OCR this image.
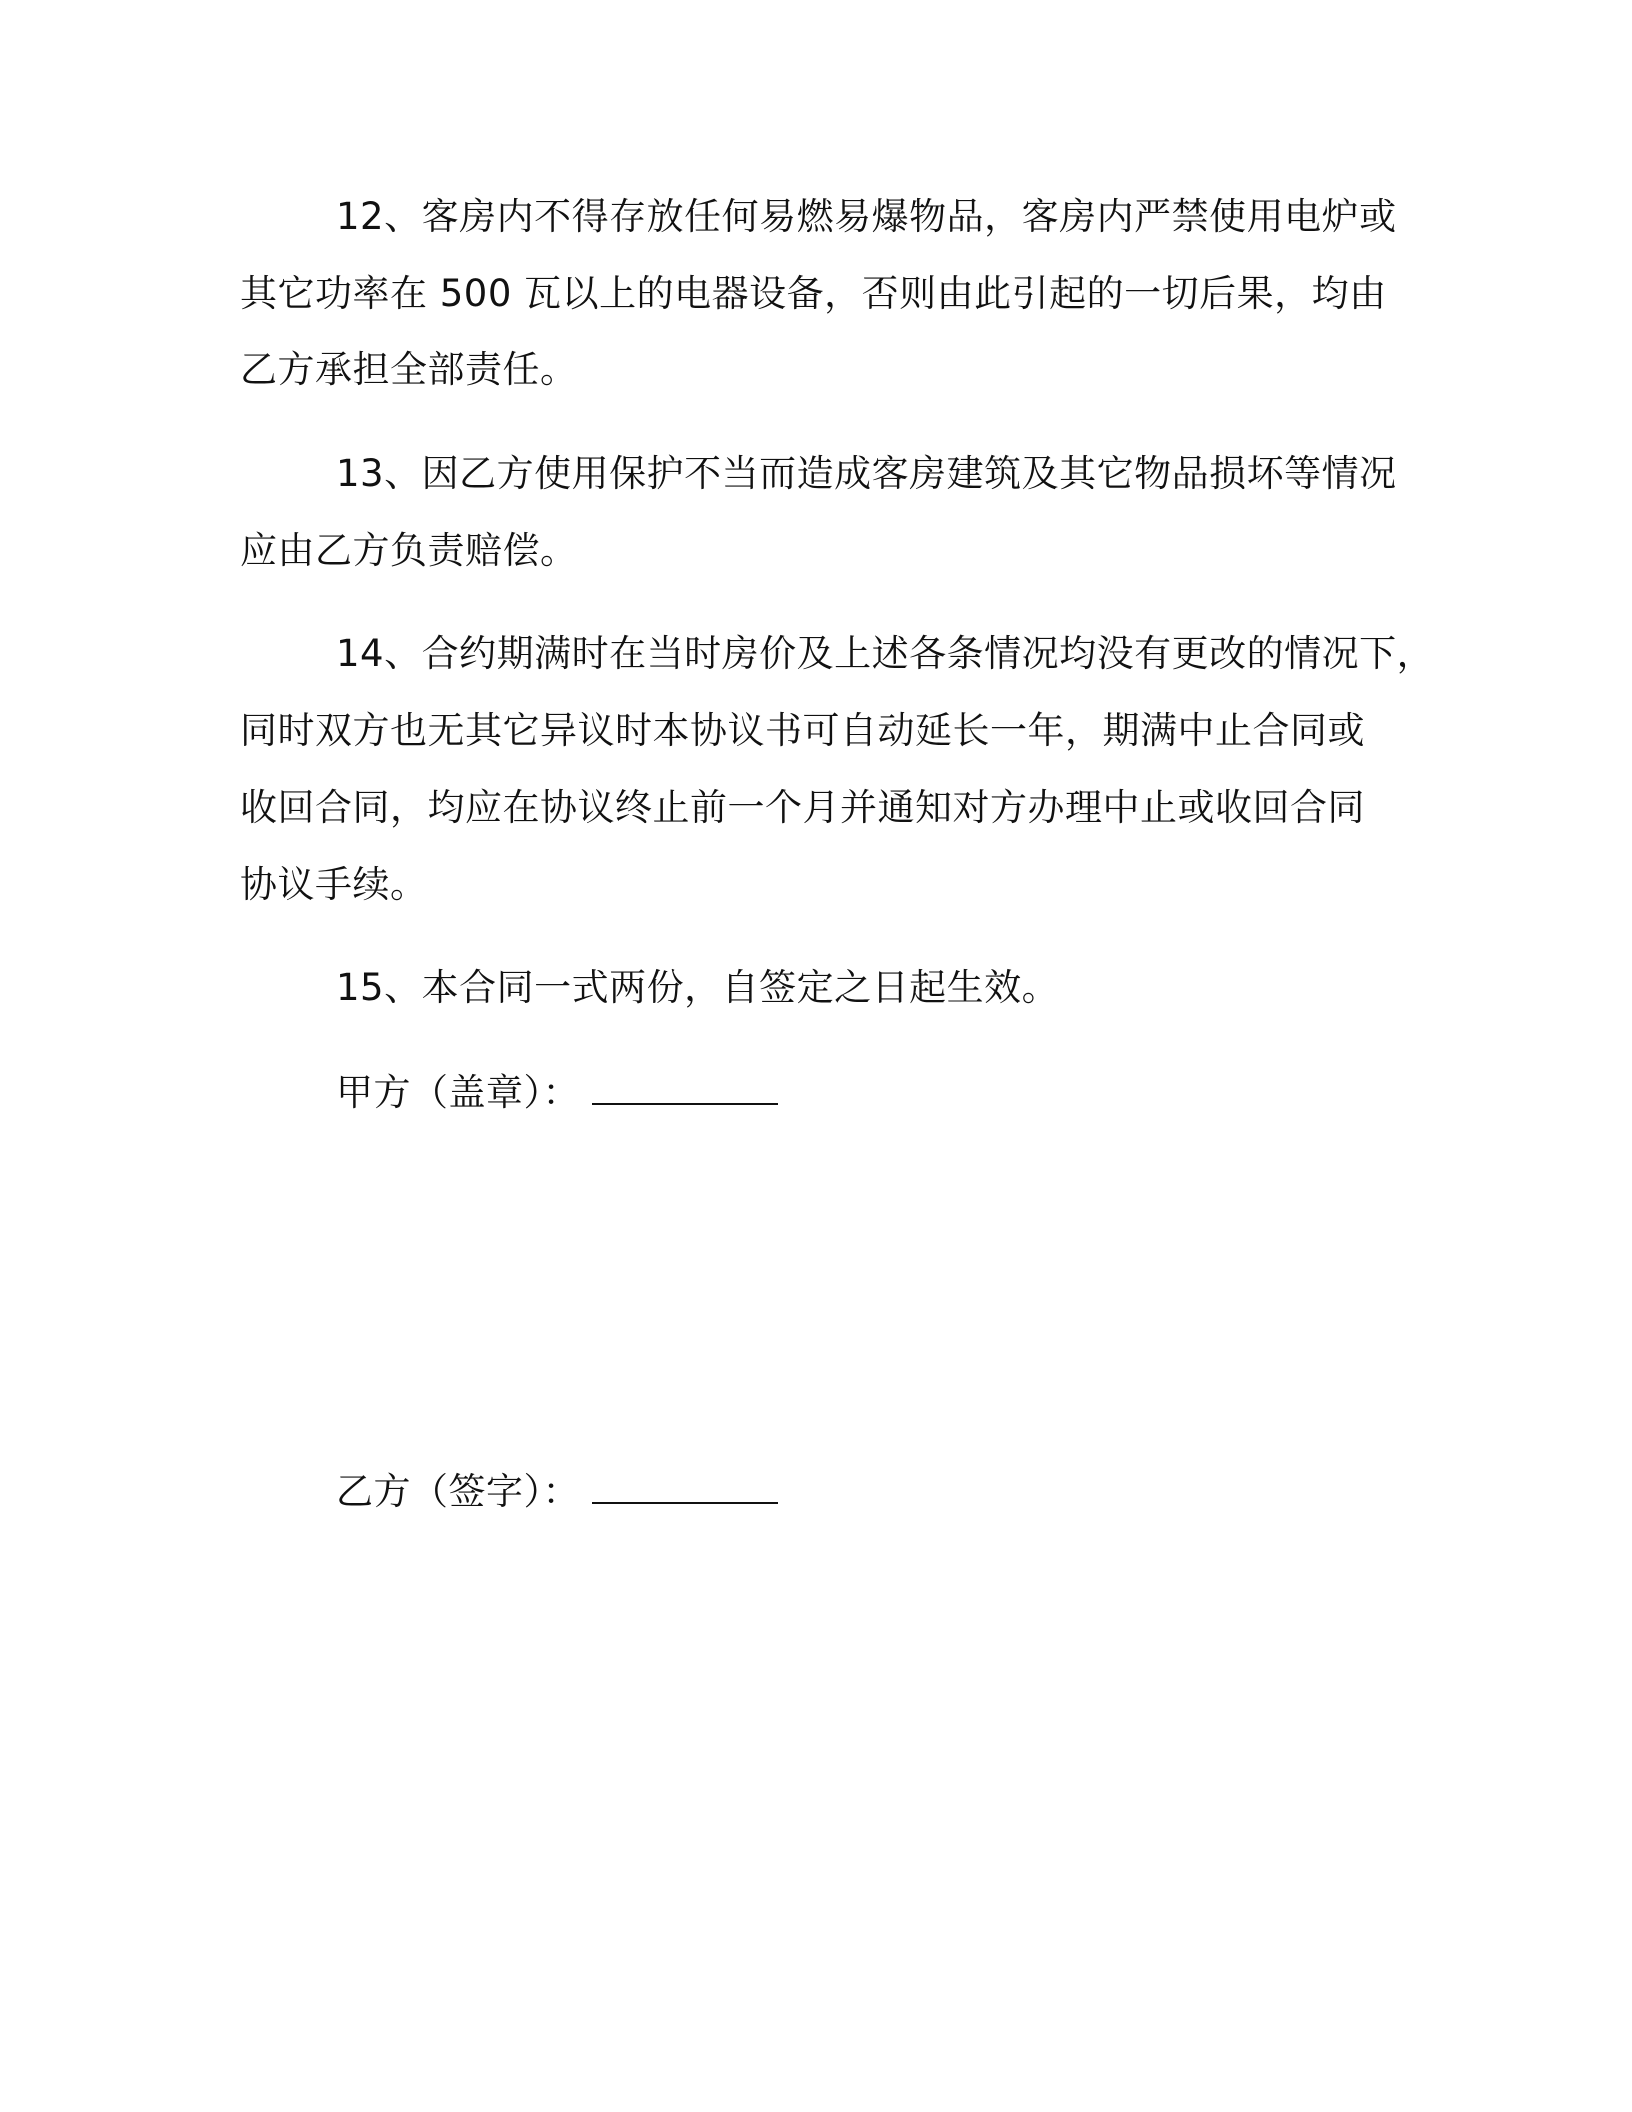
12、客房内不得存放任何易燃易爆物品，客房内严禁使用电炉或
其它功率在 500 瓦以上的电器设备，否则由此引起的一切后果，均由
乙方承担全部责任。
13、因乙方使用保护不当而造成客房建筑及其它物品损坏等情况
应由乙方负责赔偿。
14、合约期满时在当时房价及上述各条情况均没有更改的情况下，
同时双方也无其它异议时本协议书可自动延长一年，期满中止合同或
收回合同，均应在协议终止前一个月并通知对方办理中止或收回合同
协议手续。
15、本合同一式两份，自签定之日起生效。
甲方（盖章）：
乙方（签字）：
